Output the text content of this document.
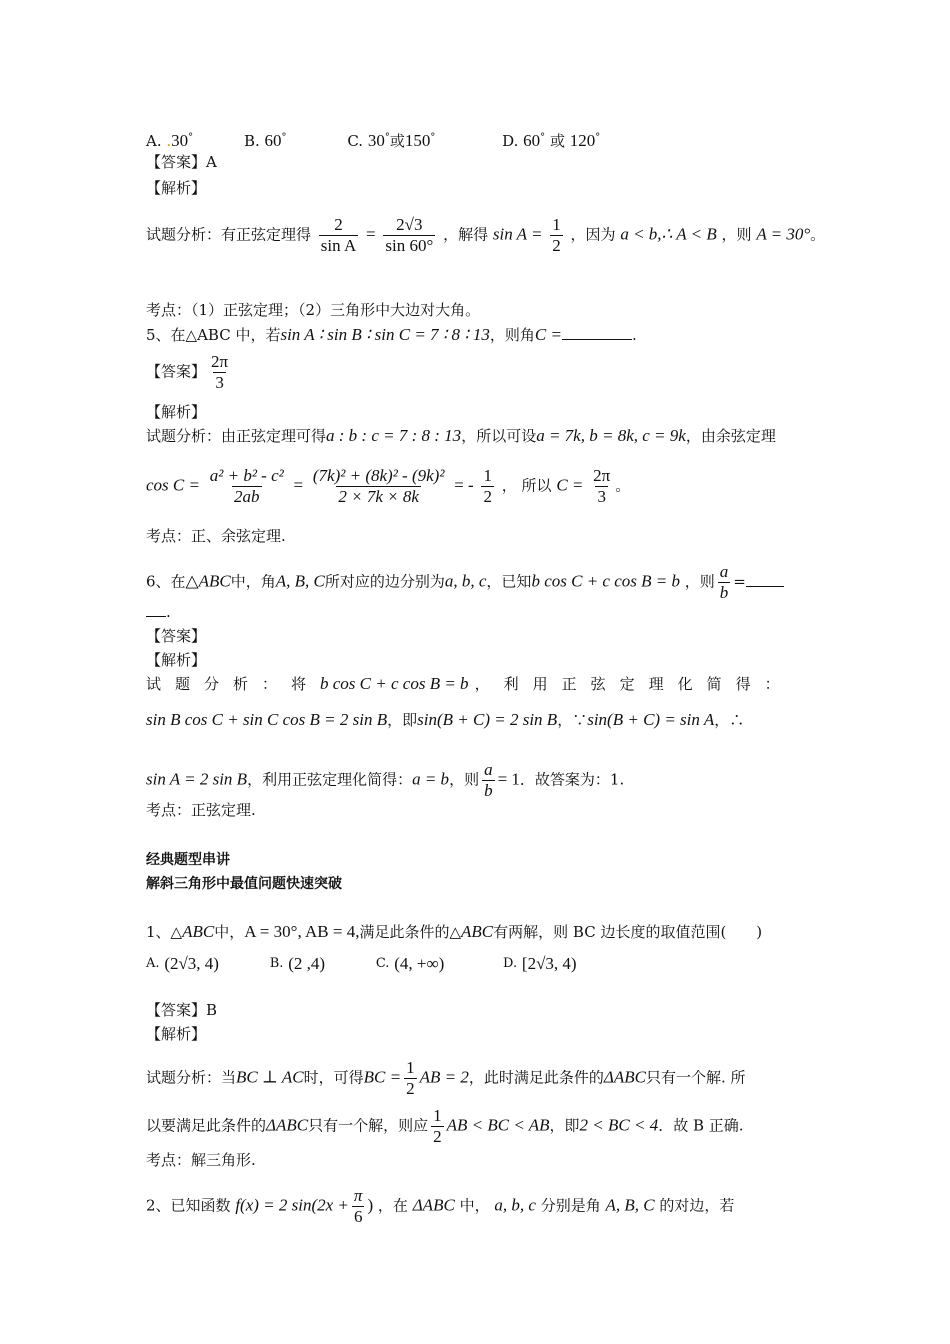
A. .30°	B. 60°	C. 30°或150°	D. 60° 或 120°
【答案】A
【解析】
试题分析：有正弦定理得 $\frac{2}{\text{sin A}} = \frac{2√3}{\sin 60^\circ}$ ，解得 $\sin A = \frac{1}{2}$ ，因为 a < b,∴ A < B ，则 A = 30°。
考点：（1）正弦定理；（2）三角形中大边对大角。
5、在△ABC 中，若sin A ∶ sin B ∶ sin C = 7 ∶ 8 ∶ 13，则角C =	.
【答案】 $\frac{2\pi}{3}$
【解析】
试题分析：由正弦定理可得a : b : c = 7 : 8 : 13，所以可设a = 7k, b = 8k, c = 9k，由余弦定理
$\cos C = \frac{\text{a² + b² - c²}}{2ab} = \frac{\text{(7k)² + (8k)² - (9k)²}}{2 \times 7k \times 8k}$ = - $\frac{1}{2}$ ， 所以 $C = \frac{2\pi}{3}$ 。
考点：正、余弦定理.
6、在△ABC中，角A, B, C所对应的边分别为a, b, c，已知b cos C + c cos B = b ，则 $\frac{a}{b}$ =
.
【答案】
【解析】
试题分析：将b cos C + c cos B = b ，利用正弦定理化简得：
sin B cos C + sin C cos B = 2 sin B，即sin(B + C) = 2 sin B，∵sin(B + C) = sin A，∴
sin A = 2 sin B，利用正弦定理化简得：a = b，则 $\frac{a}{b} = 1$．故答案为：1.
考点：正弦定理.
经典题型串讲
解斜三角形中最值问题快速突破
1、△ABC中，A = 30°, AB = 4,满足此条件的△ABC有两解，则 BC 边长度的取值范围(　　)
A. (2√3, 4)	B. (2 ,4)	C. (4, +∞)	D. [2√3, 4)
【答案】B
【解析】
试题分析：当BC ⊥ AC时，可得BC = $\frac{1}{2}$ AB = 2，此时满足此条件的ΔABC只有一个解. 所
以要满足此条件的ΔABC只有一个解，则应 $\frac{1}{2}$ AB < BC < AB，即2 < BC < 4．故 B 正确.
考点：解三角形.
2、已知函数 f(x) = 2 $\sin(2x + \frac{\pi}{6}$ ) ，在 ΔABC 中， a, b, c 分别是角 A, B, C 的对边，若
